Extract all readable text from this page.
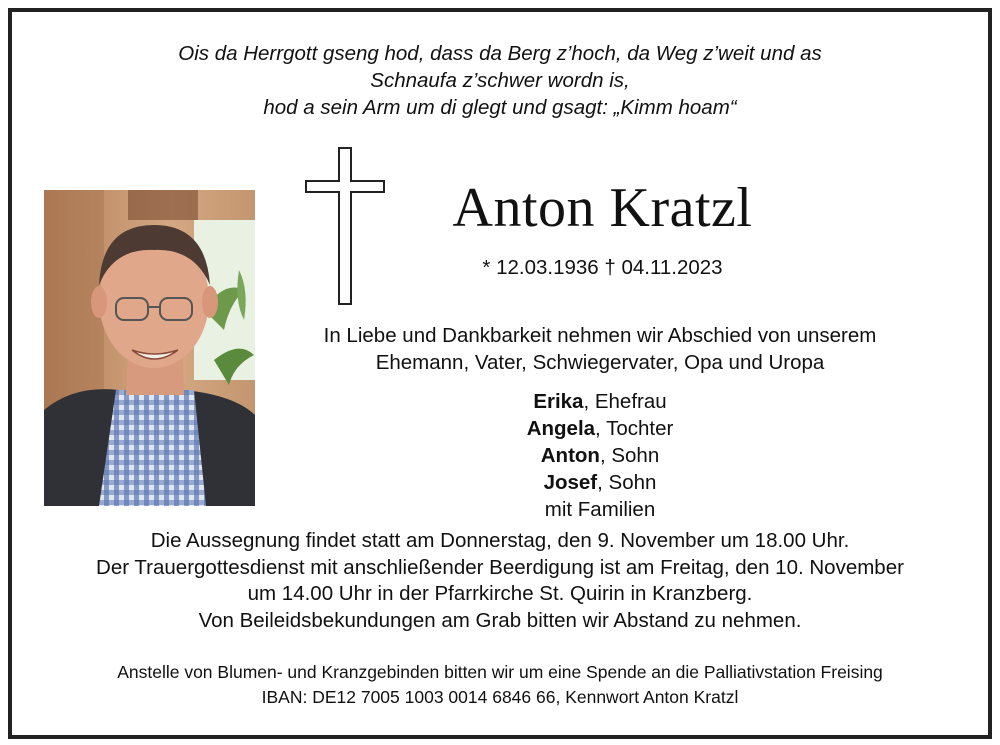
Ois da Herrgott gseng hod, dass da Berg z’hoch, da Weg z’weit und as
Schnaufa z’schwer wordn is,
hod a sein Arm um di glegt und gsagt: „Kimm hoam“
Anton Kratzl
* 12.03.1936 † 04.11.2023
In Liebe und Dankbarkeit nehmen wir Abschied von unserem
Ehemann, Vater, Schwiegervater, Opa und Uropa
Erika, Ehefrau
Angela, Tochter
Anton, Sohn
Josef, Sohn
mit Familien
Die Aussegnung findet statt am Donnerstag, den 9. November um 18.00 Uhr.
Der Trauergottesdienst mit anschließender Beerdigung ist am Freitag, den 10. November
um 14.00 Uhr in der Pfarrkirche St. Quirin in Kranzberg.
Von Beileidsbekundungen am Grab bitten wir Abstand zu nehmen.
Anstelle von Blumen- und Kranzgebinden bitten wir um eine Spende an die Palliativstation Freising
IBAN: DE12 7005 1003 0014 6846 66, Kennwort Anton Kratzl
